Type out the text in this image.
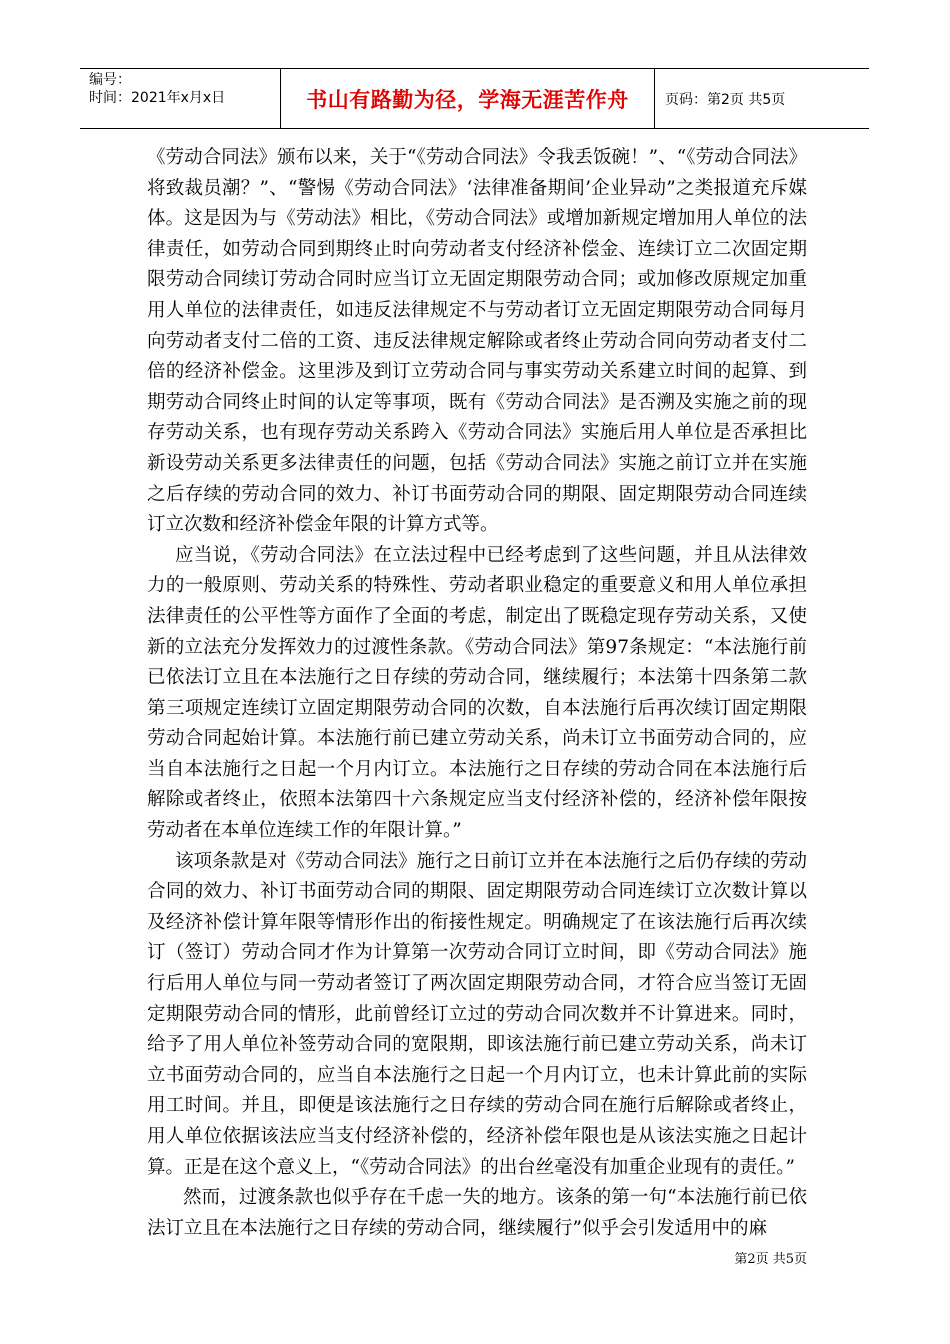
编号：
时间：2021年x月x日	书山有路勤为径，学海无涯苦作舟	页码：第2页 共5页

《劳动合同法》颁布以来，关于“《劳动合同法》令我丢饭碗！”、“《劳动合同法》将致裁员潮？”、“警惕《劳动合同法》‘法律准备期间’企业异动”之类报道充斥媒体。这是因为与《劳动法》相比，《劳动合同法》或增加新规定增加用人单位的法律责任，如劳动合同到期终止时向劳动者支付经济补偿金、连续订立二次固定期限劳动合同续订劳动合同时应当订立无固定期限劳动合同；或加修改原规定加重用人单位的法律责任，如违反法律规定不与劳动者订立无固定期限劳动合同每月向劳动者支付二倍的工资、违反法律规定解除或者终止劳动合同向劳动者支付二倍的经济补偿金。这里涉及到订立劳动合同与事实劳动关系建立时间的起算、到期劳动合同终止时间的认定等事项，既有《劳动合同法》是否溯及实施之前的现存劳动关系，也有现存劳动关系跨入《劳动合同法》实施后用人单位是否承担比新设劳动关系更多法律责任的问题，包括《劳动合同法》实施之前订立并在实施之后存续的劳动合同的效力、补订书面劳动合同的期限、固定期限劳动合同连续订立次数和经济补偿金年限的计算方式等。

应当说，《劳动合同法》在立法过程中已经考虑到了这些问题，并且从法律效力的一般原则、劳动关系的特殊性、劳动者职业稳定的重要意义和用人单位承担法律责任的公平性等方面作了全面的考虑，制定出了既稳定现存劳动关系，又使新的立法充分发挥效力的过渡性条款。《劳动合同法》第97条规定：“本法施行前已依法订立且在本法施行之日存续的劳动合同，继续履行；本法第十四条第二款第三项规定连续订立固定期限劳动合同的次数，自本法施行后再次续订固定期限劳动合同起始计算。本法施行前已建立劳动关系，尚未订立书面劳动合同的，应当自本法施行之日起一个月内订立。本法施行之日存续的劳动合同在本法施行后解除或者终止，依照本法第四十六条规定应当支付经济补偿的，经济补偿年限按劳动者在本单位连续工作的年限计算。”

该项条款是对《劳动合同法》施行之日前订立并在本法施行之后仍存续的劳动合同的效力、补订书面劳动合同的期限、固定期限劳动合同连续订立次数计算以及经济补偿计算年限等情形作出的衔接性规定。明确规定了在该法施行后再次续订（签订）劳动合同才作为计算第一次劳动合同订立时间，即《劳动合同法》施行后用人单位与同一劳动者签订了两次固定期限劳动合同，才符合应当签订无固定期限劳动合同的情形，此前曾经订立过的劳动合同次数并不计算进来。同时，给予了用人单位补签劳动合同的宽限期，即该法施行前已建立劳动关系，尚未订立书面劳动合同的，应当自本法施行之日起一个月内订立，也未计算此前的实际用工时间。并且，即便是该法施行之日存续的劳动合同在施行后解除或者终止，用人单位依据该法应当支付经济补偿的，经济补偿年限也是从该法实施之日起计算。正是在这个意义上，“《劳动合同法》的出台丝毫没有加重企业现有的责任。”

然而，过渡条款也似乎存在千虑一失的地方。该条的第一句“本法施行前已依法订立且在本法施行之日存续的劳动合同，继续履行”似乎会引发适用中的麻

第2页 共5页
